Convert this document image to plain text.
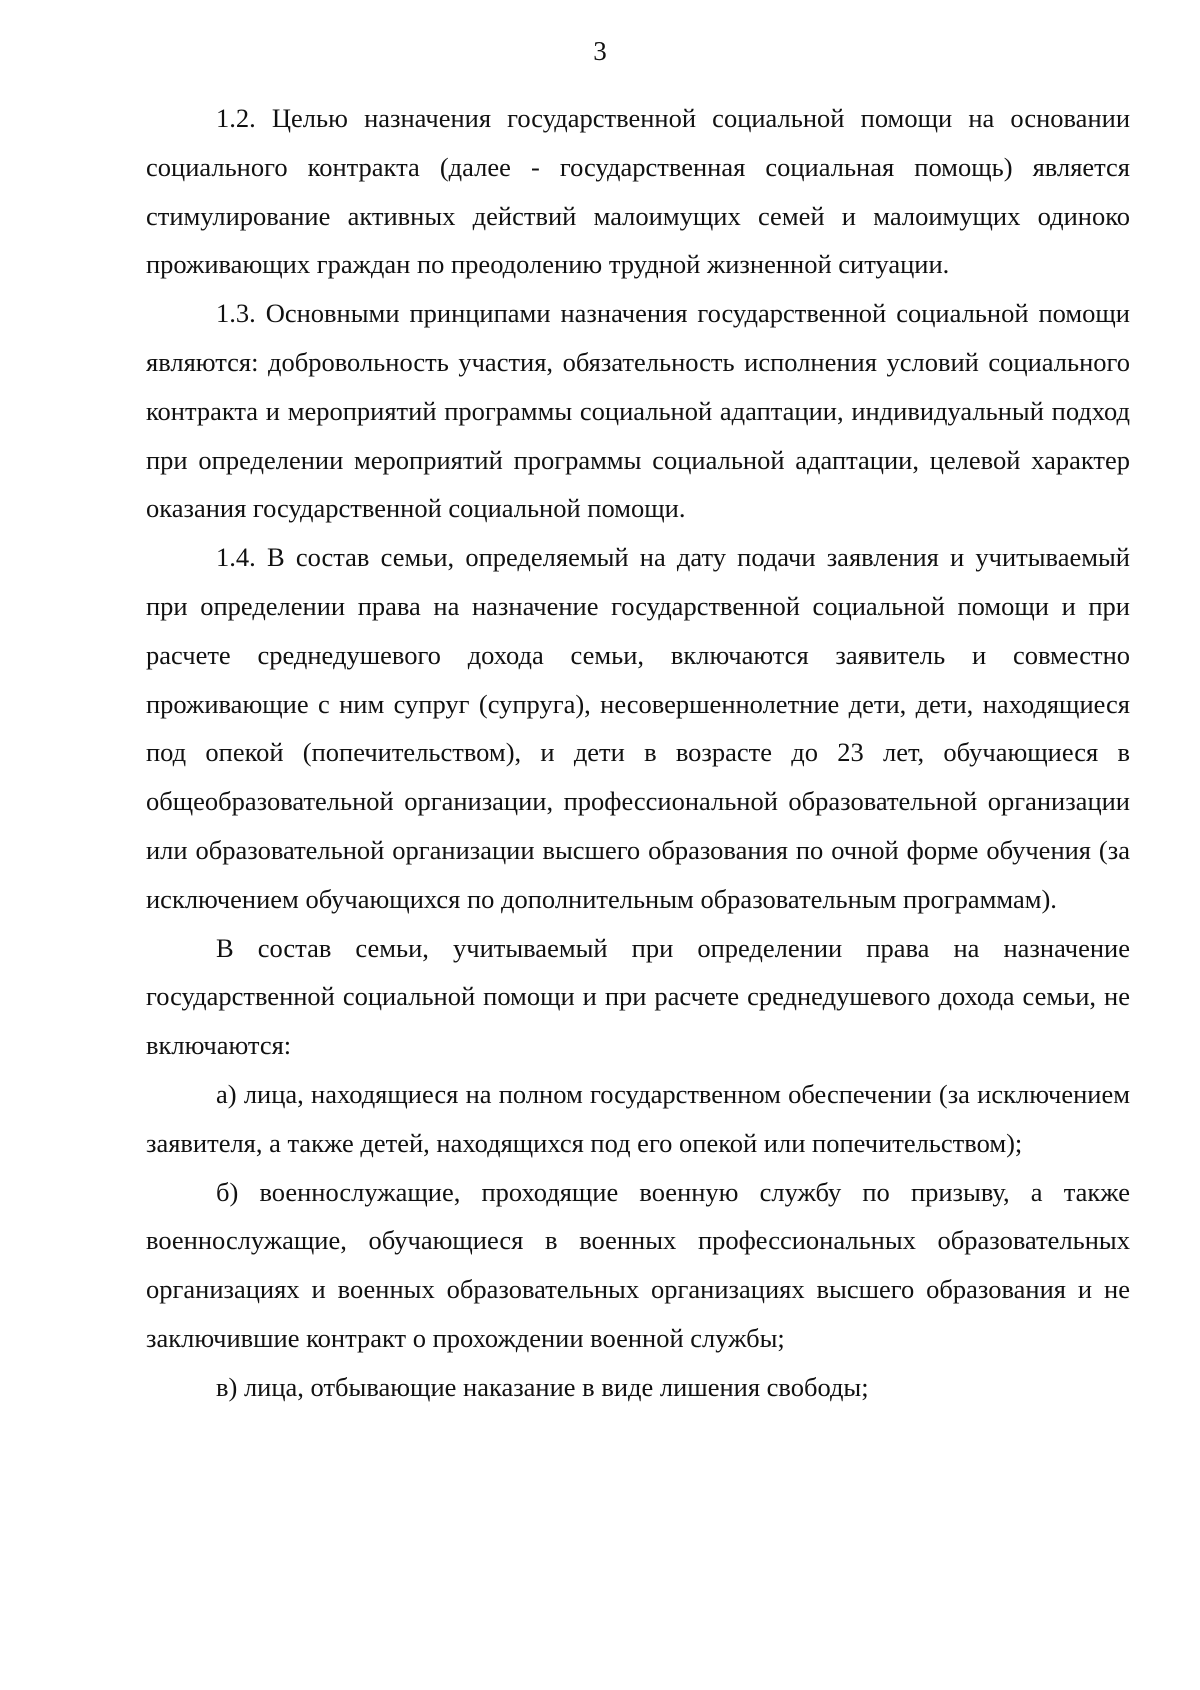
3

1.2. Целью назначения государственной социальной помощи на основании социального контракта (далее - государственная социальная помощь) является стимулирование активных действий малоимущих семей и малоимущих одиноко проживающих граждан по преодолению трудной жизненной ситуации.

1.3. Основными принципами назначения государственной социальной помощи являются: добровольность участия, обязательность исполнения условий социального контракта и мероприятий программы социальной адаптации, индивидуальный подход при определении мероприятий программы социальной адаптации, целевой характер оказания государственной социальной помощи.

1.4. В состав семьи, определяемый на дату подачи заявления и учитываемый при определении права на назначение государственной социальной помощи и при расчете среднедушевого дохода семьи, включаются заявитель и совместно проживающие с ним супруг (супруга), несовершеннолетние дети, дети, находящиеся под опекой (попечительством), и дети в возрасте до 23 лет, обучающиеся в общеобразовательной организации, профессиональной образовательной организации или образовательной организации высшего образования по очной форме обучения (за исключением обучающихся по дополнительным образовательным программам).

В состав семьи, учитываемый при определении права на назначение государственной социальной помощи и при расчете среднедушевого дохода семьи, не включаются:

а) лица, находящиеся на полном государственном обеспечении (за исключением заявителя, а также детей, находящихся под его опекой или попечительством);

б) военнослужащие, проходящие военную службу по призыву, а также военнослужащие, обучающиеся в военных профессиональных образовательных организациях и военных образовательных организациях высшего образования и не заключившие контракт о прохождении военной службы;

в) лица, отбывающие наказание в виде лишения свободы;
